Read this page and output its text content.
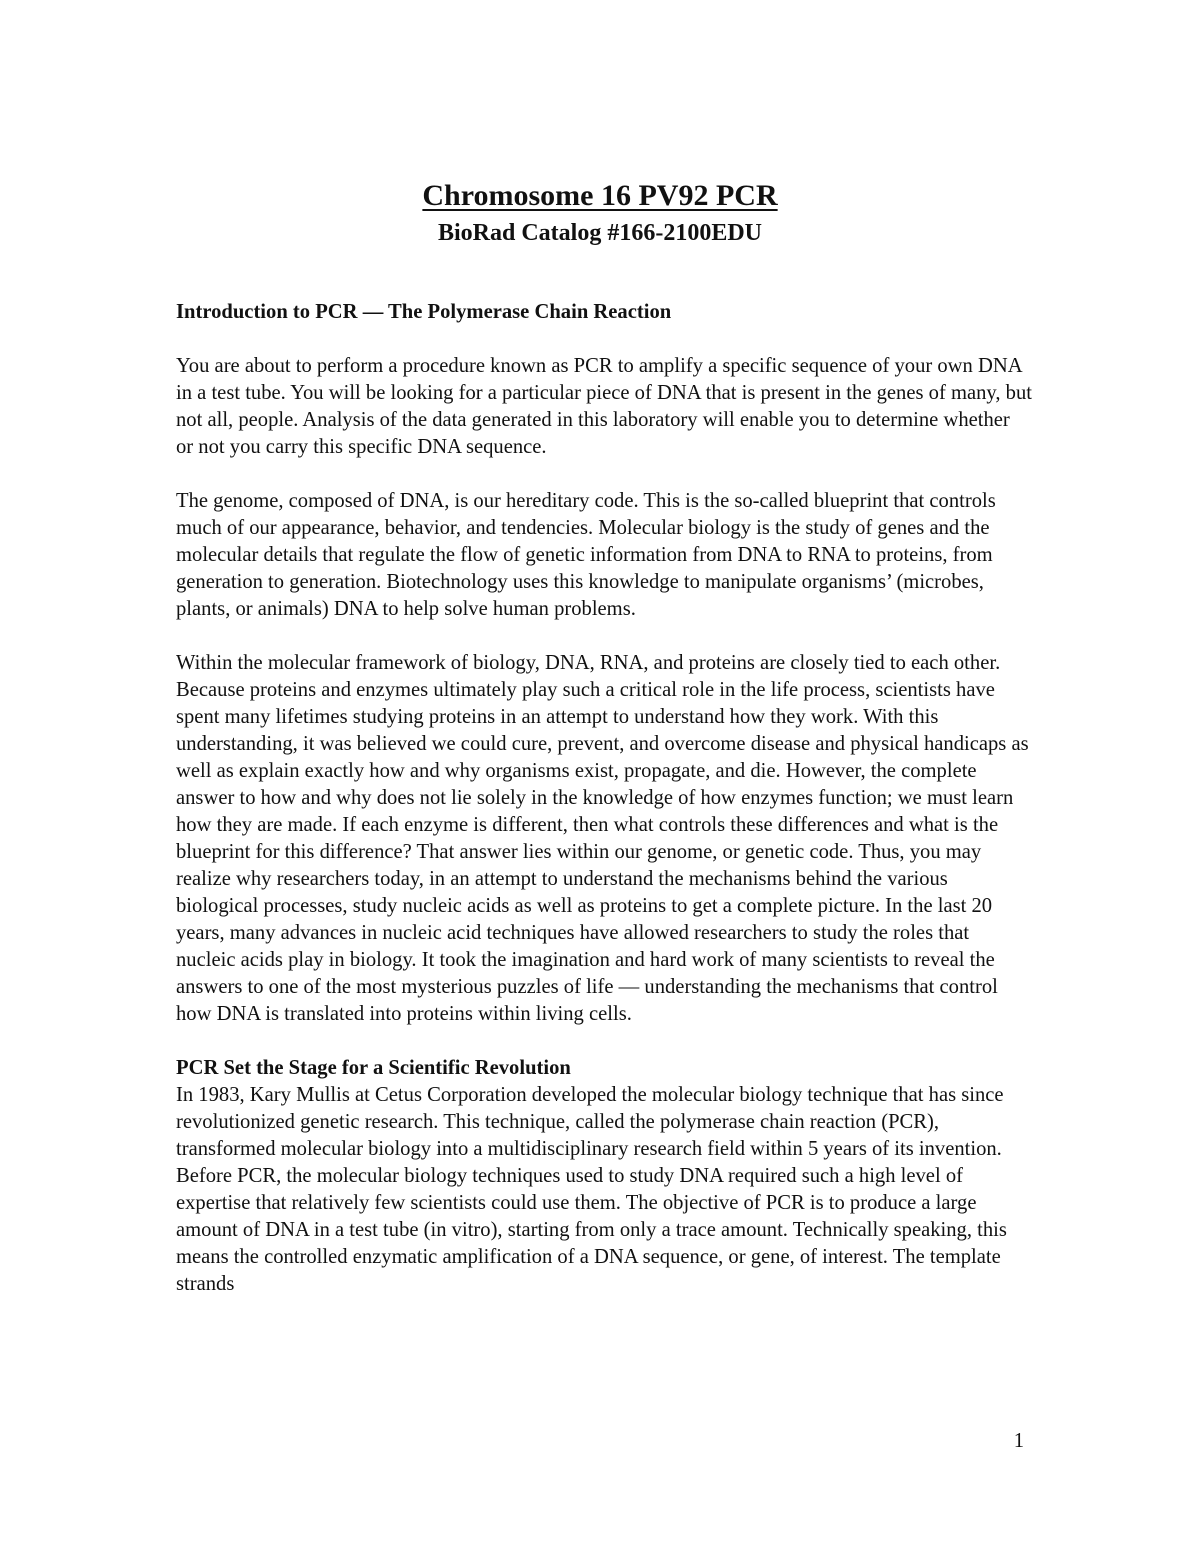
Chromosome 16 PV92 PCR
BioRad Catalog #166-2100EDU
Introduction to PCR — The Polymerase Chain Reaction

You are about to perform a procedure known as PCR to amplify a specific sequence of your own DNA in a test tube. You will be looking for a particular piece of DNA that is present in the genes of many, but not all, people. Analysis of the data generated in this laboratory will enable you to determine whether or not you carry this specific DNA sequence.

The genome, composed of DNA, is our hereditary code. This is the so-called blueprint that controls much of our appearance, behavior, and tendencies. Molecular biology is the study of genes and the molecular details that regulate the flow of genetic information from DNA to RNA to proteins, from generation to generation. Biotechnology uses this knowledge to manipulate organisms’ (microbes, plants, or animals) DNA to help solve human problems.

Within the molecular framework of biology, DNA, RNA, and proteins are closely tied to each other. Because proteins and enzymes ultimately play such a critical role in the life process, scientists have spent many lifetimes studying proteins in an attempt to understand how they work. With this understanding, it was believed we could cure, prevent, and overcome disease and physical handicaps as well as explain exactly how and why organisms exist, propagate, and die. However, the complete answer to how and why does not lie solely in the knowledge of how enzymes function; we must learn how they are made. If each enzyme is different, then what controls these differences and what is the blueprint for this difference? That answer lies within our genome, or genetic code. Thus, you may realize why researchers today, in an attempt to understand the mechanisms behind the various biological processes, study nucleic acids as well as proteins to get a complete picture. In the last 20 years, many advances in nucleic acid techniques have allowed researchers to study the roles that nucleic acids play in biology. It took the imagination and hard work of many scientists to reveal the answers to one of the most mysterious puzzles of life — understanding the mechanisms that control how DNA is translated into proteins within living cells.

PCR Set the Stage for a Scientific Revolution

In 1983, Kary Mullis at Cetus Corporation developed the molecular biology technique that has since revolutionized genetic research. This technique, called the polymerase chain reaction (PCR), transformed molecular biology into a multidisciplinary research field within 5 years of its invention. Before PCR, the molecular biology techniques used to study DNA required such a high level of expertise that relatively few scientists could use them. The objective of PCR is to produce a large amount of DNA in a test tube (in vitro), starting from only a trace amount. Technically speaking, this means the controlled enzymatic amplification of a DNA sequence, or gene, of interest. The template strands

1
